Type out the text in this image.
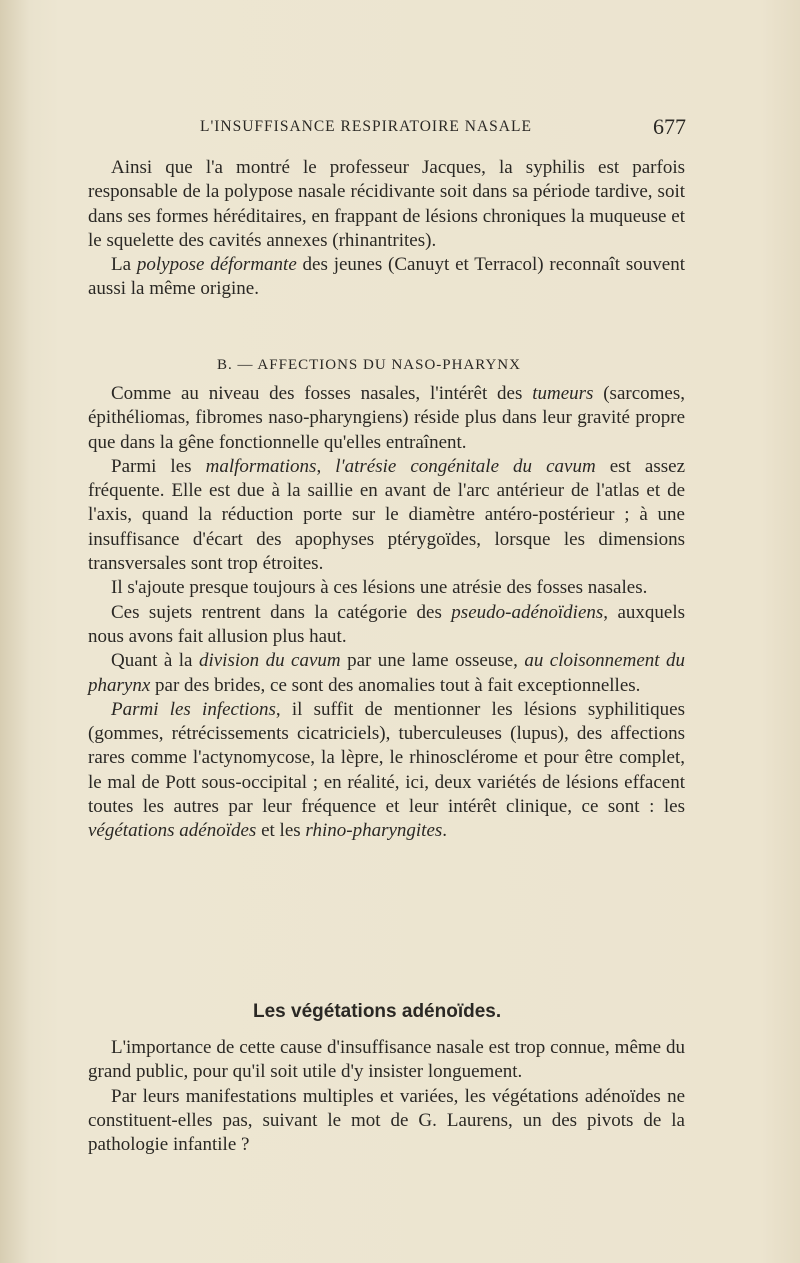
L'INSUFFISANCE RESPIRATOIRE NASALE	677

Ainsi que l'a montré le professeur Jacques, la syphilis est parfois responsable de la polypose nasale récidivante soit dans sa période tardive, soit dans ses formes héréditaires, en frappant de lésions chroniques la muqueuse et le squelette des cavités annexes (rhinantrites).

La polypose déformante des jeunes (Canuyt et Terracol) reconnaît souvent aussi la même origine.

B. — AFFECTIONS DU NASO-PHARYNX

Comme au niveau des fosses nasales, l'intérêt des tumeurs (sarcomes, épithéliomas, fibromes naso-pharyngiens) réside plus dans leur gravité propre que dans la gêne fonctionnelle qu'elles entraînent.

Parmi les malformations, l'atrésie congénitale du cavum est assez fréquente. Elle est due à la saillie en avant de l'arc antérieur de l'atlas et de l'axis, quand la réduction porte sur le diamètre antéro-postérieur ; à une insuffisance d'écart des apophyses ptérygoïdes, lorsque les dimensions transversales sont trop étroites.

Il s'ajoute presque toujours à ces lésions une atrésie des fosses nasales.

Ces sujets rentrent dans la catégorie des pseudo-adénoïdiens, auxquels nous avons fait allusion plus haut.

Quant à la division du cavum par une lame osseuse, au cloisonnement du pharynx par des brides, ce sont des anomalies tout à fait exceptionnelles.

Parmi les infections, il suffit de mentionner les lésions syphilitiques (gommes, rétrécissements cicatriciels), tuberculeuses (lupus), des affections rares comme l'actynomycose, la lèpre, le rhinosclérome et pour être complet, le mal de Pott sous-occipital ; en réalité, ici, deux variétés de lésions effacent toutes les autres par leur fréquence et leur intérêt clinique, ce sont : les végétations adénoïdes et les rhino-pharyngites.

Les végétations adénoïdes.

L'importance de cette cause d'insuffisance nasale est trop connue, même du grand public, pour qu'il soit utile d'y insister longuement.

Par leurs manifestations multiples et variées, les végétations adénoïdes ne constituent-elles pas, suivant le mot de G. Laurens, un des pivots de la pathologie infantile ?
